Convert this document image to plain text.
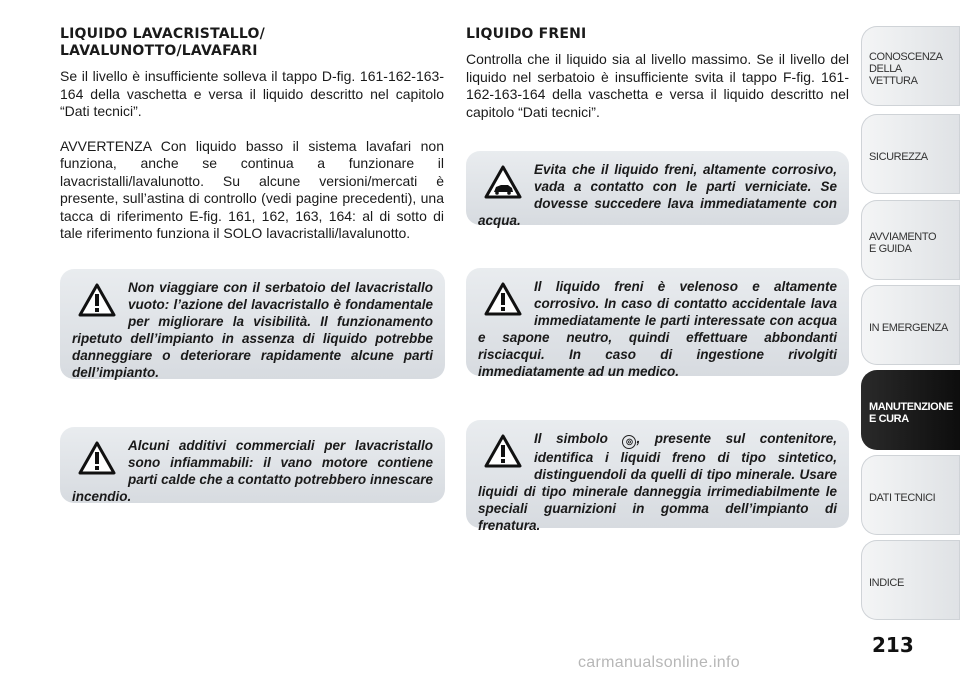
LIQUIDO LAVACRISTALLO/
LAVALUNOTTO/LAVAFARI

Se il livello è insufficiente solleva il tappo D-fig. 161-162-163-164 della vaschetta e versa il liquido descritto nel capitolo “Dati tecnici”.

AVVERTENZA Con liquido basso il sistema lavafari non funziona, anche se continua a funzionare il lavacristalli/lavalunotto. Su alcune versioni/mercati è presente, sull’astina di controllo (vedi pagine precedenti), una tacca di riferimento E-fig. 161, 162, 163, 164: al di sotto di tale riferimento funziona il SOLO lavacristalli/lavalunotto.

Non viaggiare con il serbatoio del lavacristallo vuoto: l’azione del lavacristallo è fondamentale per migliorare la visibilità. Il funzionamento ripetuto dell’impianto in assenza di liquido potrebbe danneggiare o deteriorare rapidamente alcune parti dell’impianto.

Alcuni additivi commerciali per lavacristallo sono infiammabili: il vano motore contiene parti calde che a contatto potrebbero innescare incendio.

LIQUIDO FRENI

Controlla che il liquido sia al livello massimo. Se il livello del liquido nel serbatoio è insufficiente svita il tappo F-fig. 161-162-163-164 della vaschetta e versa il liquido descritto nel capitolo “Dati tecnici”.

Evita che il liquido freni, altamente corrosivo, vada a contatto con le parti verniciate. Se dovesse succedere lava immediatamente con acqua.

Il liquido freni è velenoso e altamente corrosivo. In caso di contatto accidentale lava immediatamente le parti interessate con acqua e sapone neutro, quindi effettuare abbondanti risciacqui. In caso di ingestione rivolgiti immediatamente ad un medico.

Il simbolo ◎ , presente sul contenitore, identifica i liquidi freno di tipo sintetico, distinguendoli da quelli di tipo minerale. Usare liquidi di tipo minerale danneggia irrimediabilmente le speciali guarnizioni in gomma dell’impianto di frenatura.

CONOSCENZA
DELLA
VETTURA
SICUREZZA
AVVIAMENTO
E GUIDA
IN EMERGENZA
MANUTENZIONE
E CURA
DATI TECNICI
INDICE
213
carmanualsonline.info
